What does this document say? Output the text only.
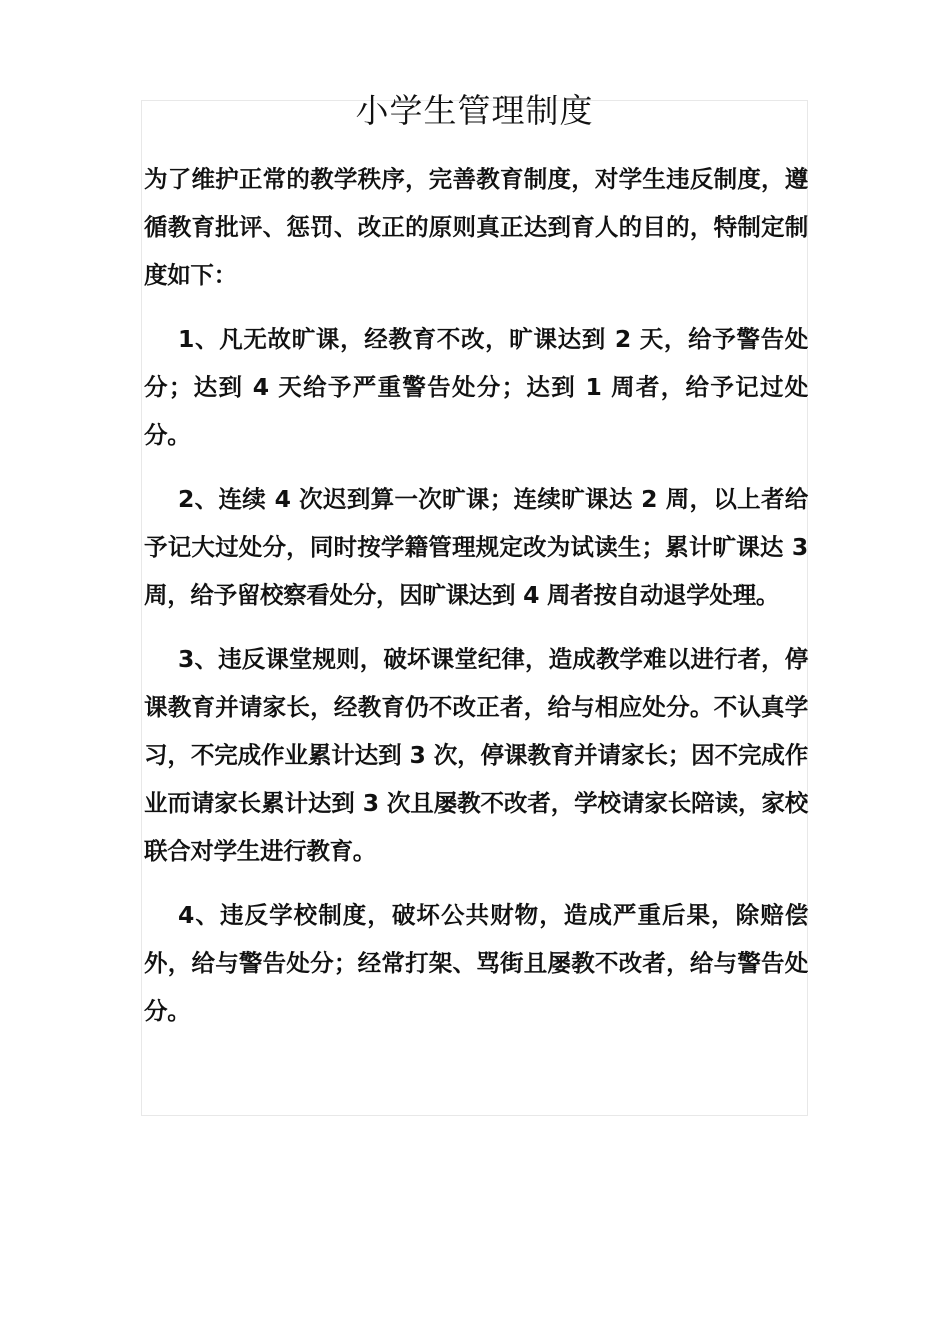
小学生管理制度

为了维护正常的教学秩序，完善教育制度，对学生违反制度，遵循教育批评、惩罚、改正的原则真正达到育人的目的，特制定制度如下：

1、凡无故旷课，经教育不改，旷课达到 2 天，给予警告处分；达到 4 天给予严重警告处分；达到 1 周者，给予记过处分。

2、连续 4 次迟到算一次旷课；连续旷课达 2 周，以上者给予记大过处分，同时按学籍管理规定改为试读生；累计旷课达 3 周，给予留校察看处分，因旷课达到 4 周者按自动退学处理。

3、违反课堂规则，破坏课堂纪律，造成教学难以进行者，停课教育并请家长，经教育仍不改正者，给与相应处分。不认真学习，不完成作业累计达到 3 次，停课教育并请家长；因不完成作业而请家长累计达到 3 次且屡教不改者，学校请家长陪读，家校联合对学生进行教育。

4、违反学校制度，破坏公共财物，造成严重后果，除赔偿外，给与警告处分；经常打架、骂街且屡教不改者，给与警告处分。
